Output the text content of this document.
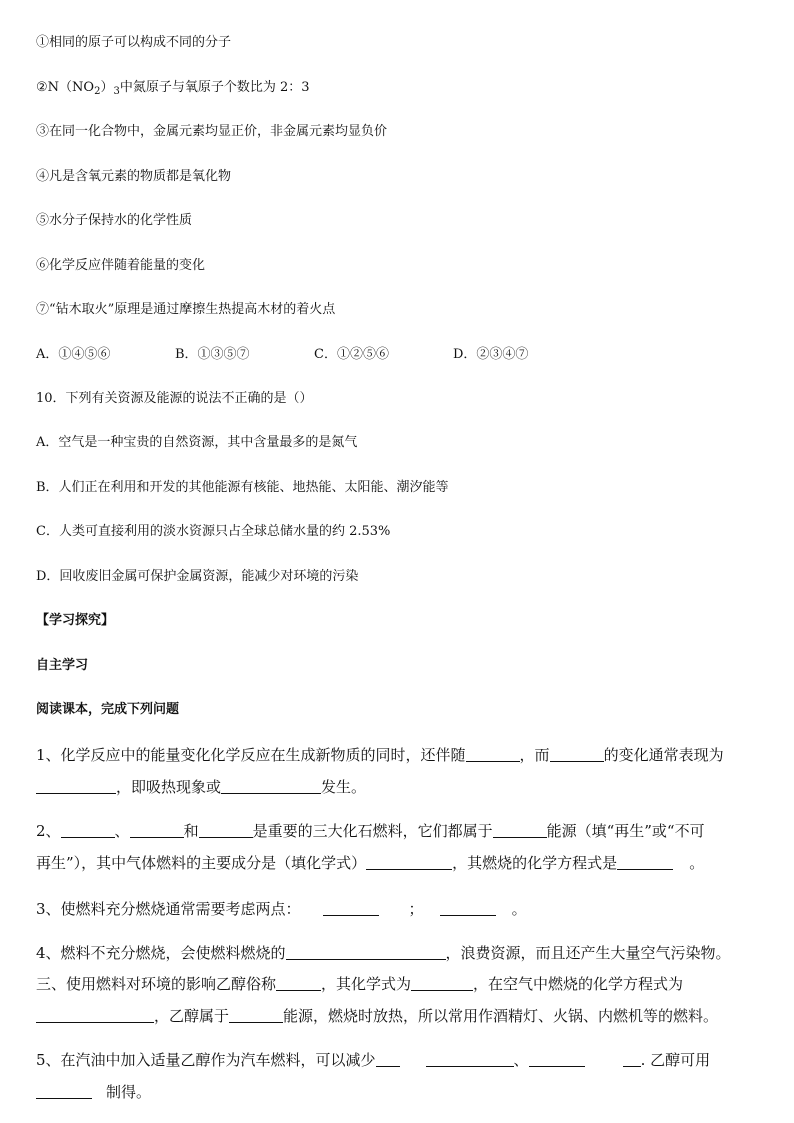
①相同的原子可以构成不同的分子
$②N(NO_2)_3$中氮原子与氧原子个数比为 2：3
③在同一化合物中，金属元素均显正价，非金属元素均显负价
④凡是含氧元素的物质都是氧化物
⑤水分子保持水的化学性质
⑥化学反应伴随着能量的变化
⑦“钻木取火”原理是通过摩擦生热提高木材的着火点
A．①④⑤⑥	B．①③⑤⑦	C．①②⑤⑥	D．②③④⑦
10．下列有关资源及能源的说法不正确的是（）
A．空气是一种宝贵的自然资源，其中含量最多的是氮气
B．人们正在利用和开发的其他能源有核能、地热能、太阳能、潮汐能等
C．人类可直接利用的淡水资源只占全球总储水量的约 2.53%
D．回收废旧金属可保护金属资源，能减少对环境的污染
【学习探究】
自主学习
阅读课本，完成下列问题
1、化学反应中的能量变化化学反应在生成新物质的同时，还伴随	，而	的变化通常表现为
，即吸热现象或	发生。
2、	、	和	是重要的三大化石燃料，它们都属于	能源（填“再生”或“不可
再生”），其中气体燃料的主要成分是（填化学式）	，其燃烧的化学方程式是	。
3、使燃料充分燃烧通常需要考虑两点：	；	。
4、燃料不充分燃烧，会使燃料燃烧的	，浪费资源，而且还产生大量空气污染物。
三、使用燃料对环境的影响乙醇俗称	，其化学式为	，在空气中燃烧的化学方程式为
，乙醇属于	能源，燃烧时放热，所以常用作酒精灯、火锅、内燃机等的燃料。
5、在汽油中加入适量乙醇作为汽车燃料，可以减少	、	. 乙醇可用
制得。
